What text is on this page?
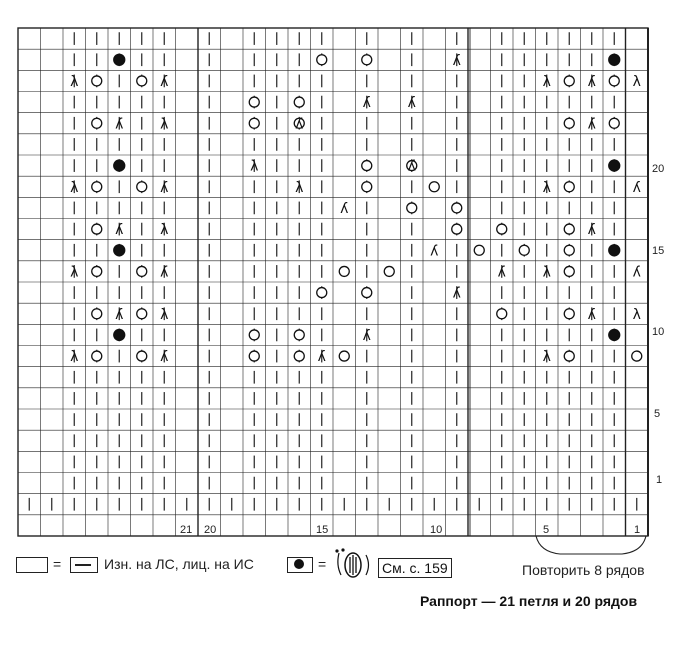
ʎ
λ	ʎ
ʎ	ʎ
ʎ	λ	ʎ
λ	ʎ
λ	ʎ	λ	λ	ʎ
ʎ
ʎ	λ
ʎ
λ	ʎ	ʎ	λ	ʎ
ʎ
ʎ	λ
ʎ
λ	ʎ	ʎ	λ
ʎ	λ
λ
ʎ
ʎ
ʎ	λ
20
15
10
5
1
21 20	15	10	5	1
=	Изн. на ЛС, лиц. на ИС	=	См. с. 159	Повторить 8 рядов
Раппорт — 21 петля и 20 рядов
